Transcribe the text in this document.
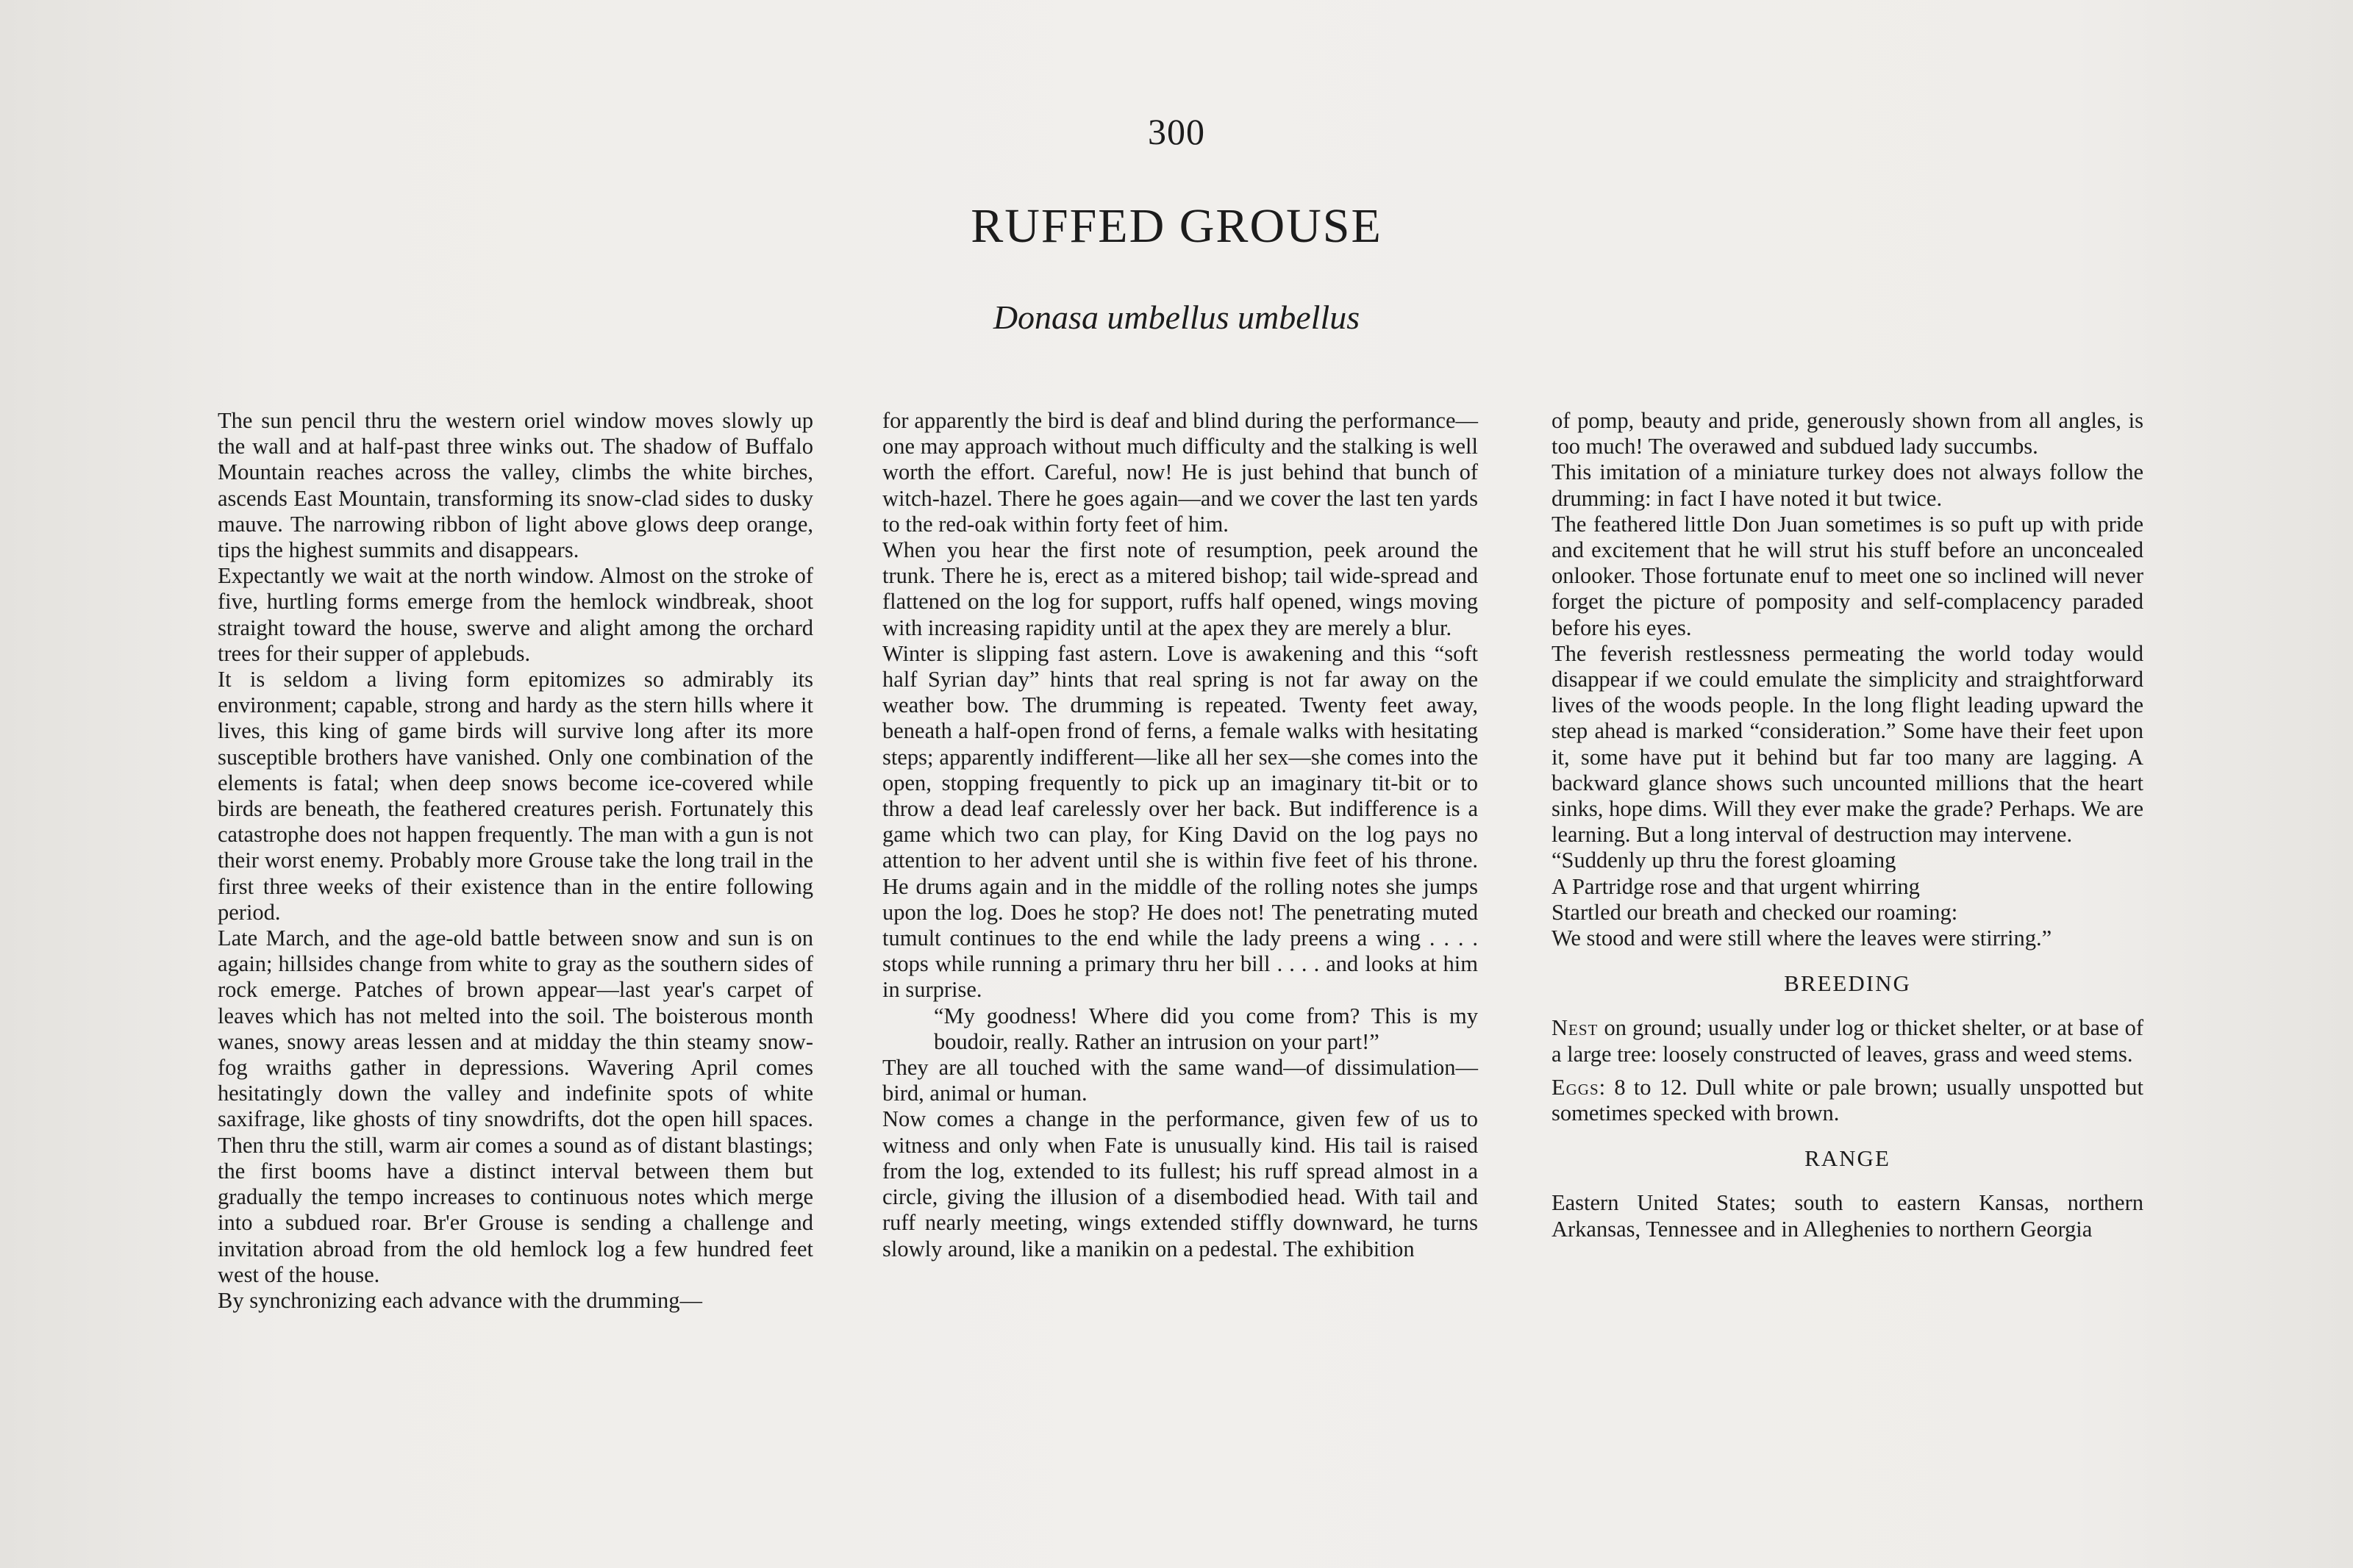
300
RUFFED GROUSE
Donasa umbellus umbellus

The sun pencil thru the western oriel window moves slowly up the wall and at half-past three winks out. The shadow of Buffalo Mountain reaches across the valley, climbs the white birches, ascends East Mountain, transforming its snow-clad sides to dusky mauve. The narrowing ribbon of light above glows deep orange, tips the highest summits and disappears.

Expectantly we wait at the north window. Almost on the stroke of five, hurtling forms emerge from the hemlock windbreak, shoot straight toward the house, swerve and alight among the orchard trees for their supper of applebuds.

It is seldom a living form epitomizes so admirably its environment; capable, strong and hardy as the stern hills where it lives, this king of game birds will survive long after its more susceptible brothers have vanished. Only one combination of the elements is fatal; when deep snows become ice-covered while birds are beneath, the feathered creatures perish. Fortunately this catastrophe does not happen frequently. The man with a gun is not their worst enemy. Probably more Grouse take the long trail in the first three weeks of their existence than in the entire following period.

Late March, and the age-old battle between snow and sun is on again; hillsides change from white to gray as the southern sides of rock emerge. Patches of brown appear—last year's carpet of leaves which has not melted into the soil. The boisterous month wanes, snowy areas lessen and at midday the thin steamy snow-fog wraiths gather in depressions. Wavering April comes hesitatingly down the valley and indefinite spots of white saxifrage, like ghosts of tiny snowdrifts, dot the open hill spaces. Then thru the still, warm air comes a sound as of distant blastings; the first booms have a distinct interval between them but gradually the tempo increases to continuous notes which merge into a subdued roar. Br'er Grouse is sending a challenge and invitation abroad from the old hemlock log a few hundred feet west of the house.

By synchronizing each advance with the drumming—

for apparently the bird is deaf and blind during the performance—one may approach without much difficulty and the stalking is well worth the effort. Careful, now! He is just behind that bunch of witch-hazel. There he goes again—and we cover the last ten yards to the red-oak within forty feet of him.

When you hear the first note of resumption, peek around the trunk. There he is, erect as a mitered bishop; tail wide-spread and flattened on the log for support, ruffs half opened, wings moving with increasing rapidity until at the apex they are merely a blur.

Winter is slipping fast astern. Love is awakening and this “soft half Syrian day” hints that real spring is not far away on the weather bow. The drumming is repeated. Twenty feet away, beneath a half-open frond of ferns, a female walks with hesitating steps; apparently indifferent—like all her sex—she comes into the open, stopping frequently to pick up an imaginary tit-bit or to throw a dead leaf carelessly over her back. But indifference is a game which two can play, for King David on the log pays no attention to her advent until she is within five feet of his throne. He drums again and in the middle of the rolling notes she jumps upon the log. Does he stop? He does not! The penetrating muted tumult continues to the end while the lady preens a wing . . . . stops while running a primary thru her bill . . . . and looks at him in surprise.

“My goodness! Where did you come from? This is my boudoir, really. Rather an intrusion on your part!”

They are all touched with the same wand—of dissimulation—bird, animal or human.

Now comes a change in the performance, given few of us to witness and only when Fate is unusually kind. His tail is raised from the log, extended to its fullest; his ruff spread almost in a circle, giving the illusion of a disembodied head. With tail and ruff nearly meeting, wings extended stiffly downward, he turns slowly around, like a manikin on a pedestal. The exhibition

of pomp, beauty and pride, generously shown from all angles, is too much! The overawed and subdued lady succumbs.

This imitation of a miniature turkey does not always follow the drumming: in fact I have noted it but twice.

The feathered little Don Juan sometimes is so puft up with pride and excitement that he will strut his stuff before an unconcealed onlooker. Those fortunate enuf to meet one so inclined will never forget the picture of pomposity and self-complacency paraded before his eyes.

The feverish restlessness permeating the world today would disappear if we could emulate the simplicity and straightforward lives of the woods people. In the long flight leading upward the step ahead is marked “consideration.” Some have their feet upon it, some have put it behind but far too many are lagging. A backward glance shows such uncounted millions that the heart sinks, hope dims. Will they ever make the grade? Perhaps. We are learning. But a long interval of destruction may intervene.

“Suddenly up thru the forest gloaming

A Partridge rose and that urgent whirring

Startled our breath and checked our roaming:

We stood and were still where the leaves were stirring.”

BREEDING

Nest on ground; usually under log or thicket shelter, or at base of a large tree: loosely constructed of leaves, grass and weed stems.

Eggs: 8 to 12. Dull white or pale brown; usually unspotted but sometimes specked with brown.

RANGE

Eastern United States; south to eastern Kansas, northern Arkansas, Tennessee and in Alleghenies to northern Georgia
